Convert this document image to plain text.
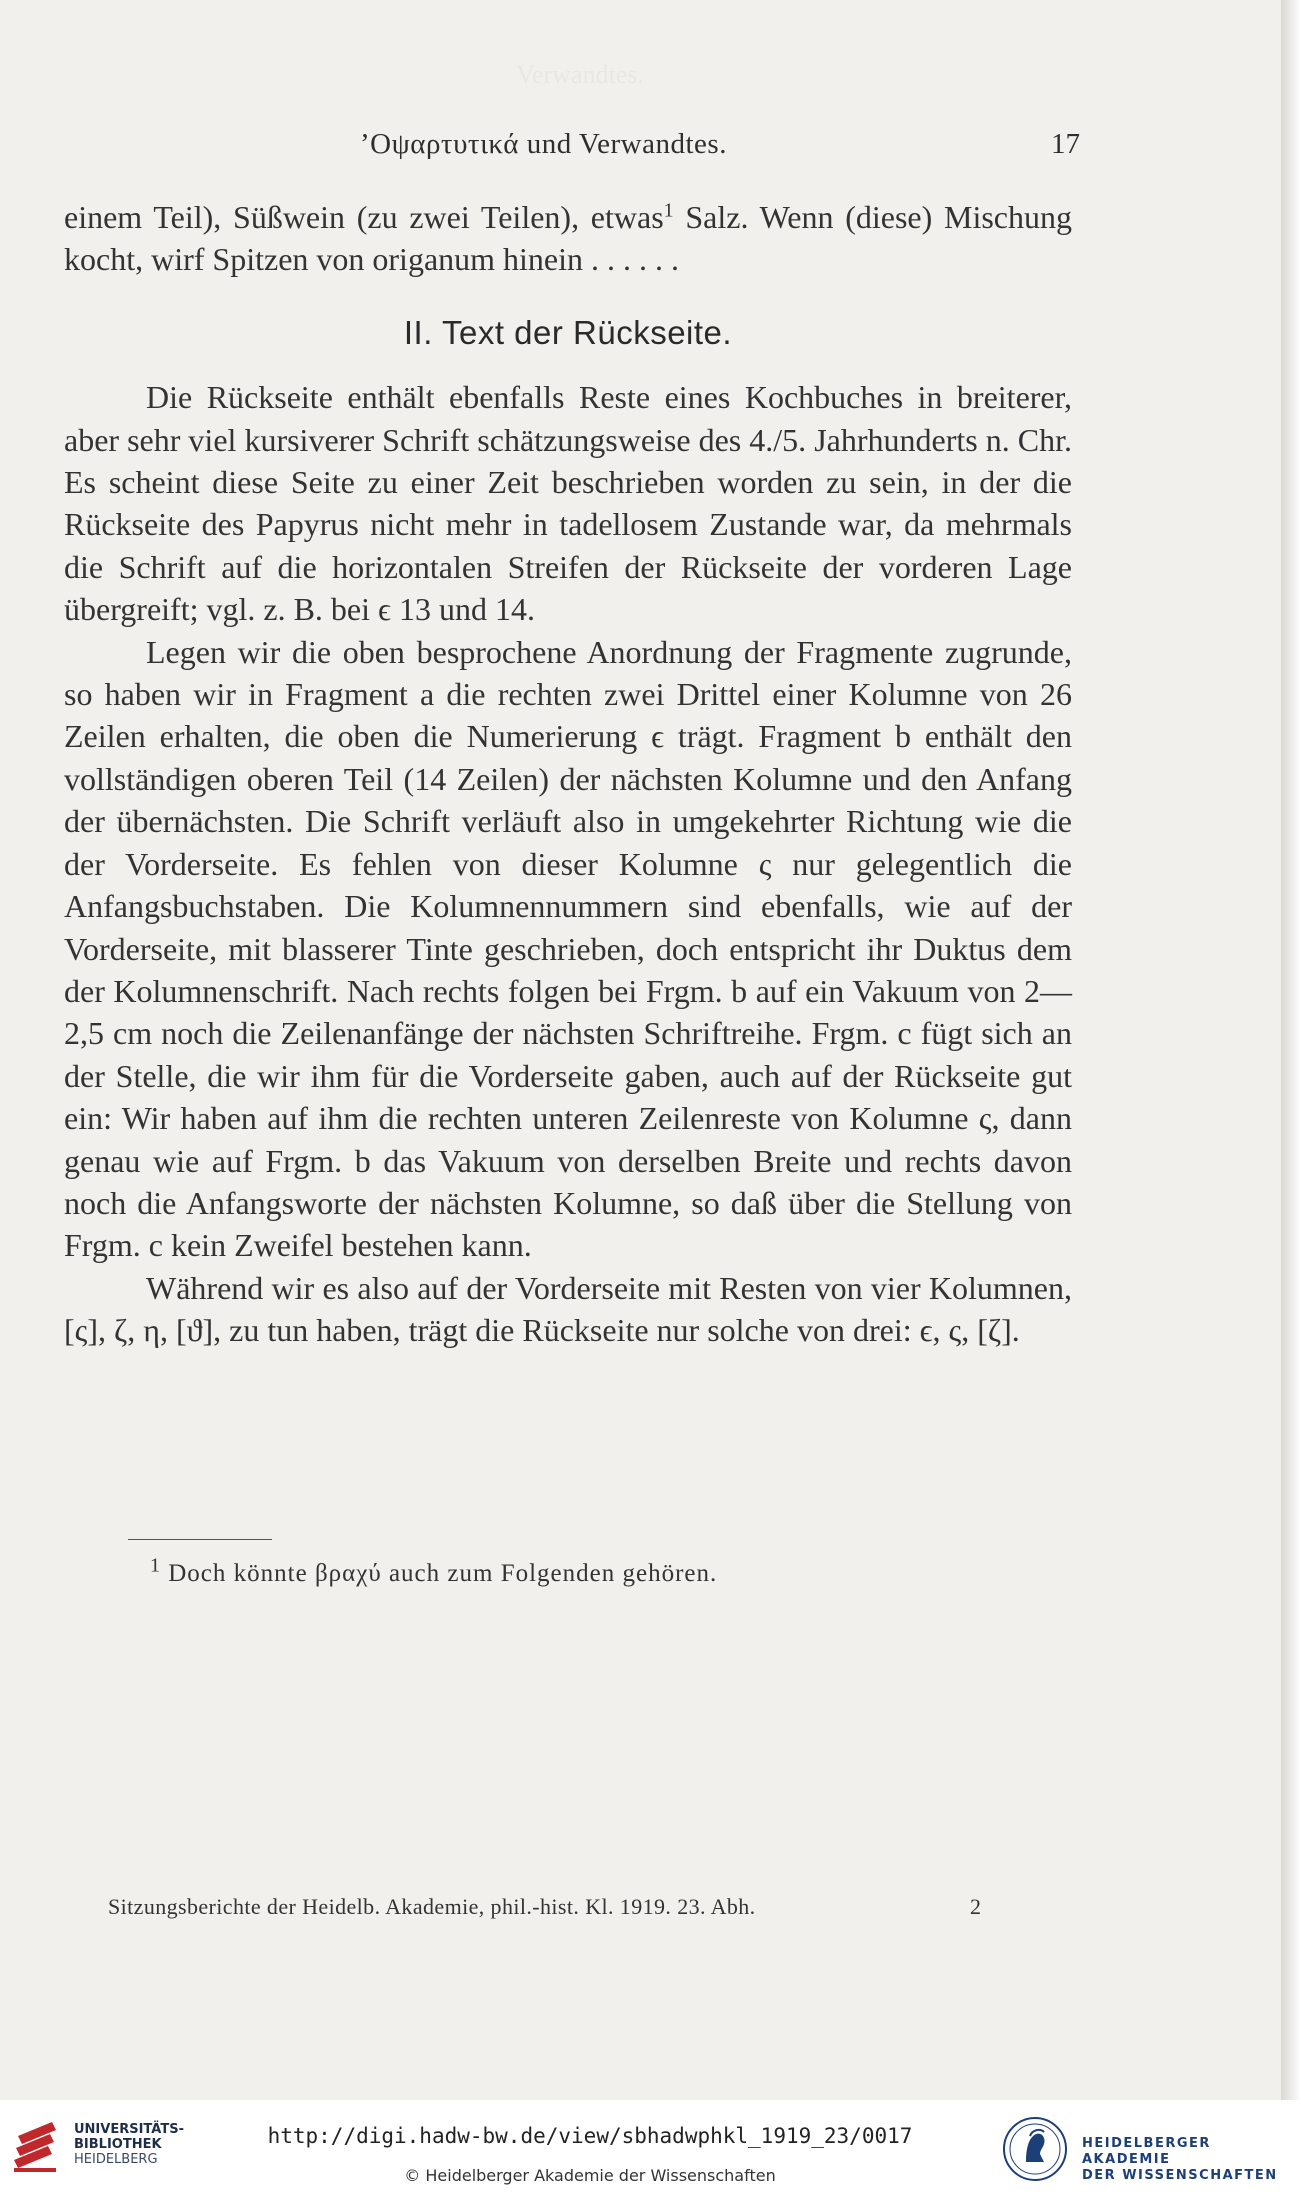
Verwandtes.
ʼΟψαρτυτικά und Verwandtes.	17

einem Teil), Süßwein (zu zwei Teilen), etwas$^1$ Salz. Wenn (diese) Mischung kocht, wirf Spitzen von origanum hinein . . . . . .

II. Text der Rückseite.

Die Rückseite enthält ebenfalls Reste eines Kochbuches in breiterer, aber sehr viel kursiverer Schrift schätzungsweise des 4./5. Jahrhunderts n. Chr. Es scheint diese Seite zu einer Zeit beschrieben worden zu sein, in der die Rückseite des Papyrus nicht mehr in tadellosem Zustande war, da mehrmals die Schrift auf die horizontalen Streifen der Rückseite der vorderen Lage übergreift; vgl. z. B. bei ϵ 13 und 14.

Legen wir die oben besprochene Anordnung der Fragmente zugrunde, so haben wir in Fragment a die rechten zwei Drittel einer Kolumne von 26 Zeilen erhalten, die oben die Numerierung ϵ trägt. Fragment b enthält den vollständigen oberen Teil (14 Zeilen) der nächsten Kolumne und den Anfang der übernächsten. Die Schrift verläuft also in umgekehrter Richtung wie die der Vorderseite. Es fehlen von dieser Kolumne ς nur gelegentlich die Anfangsbuchstaben. Die Kolumnennummern sind ebenfalls, wie auf der Vorderseite, mit blasserer Tinte geschrieben, doch entspricht ihr Duktus dem der Kolumnenschrift. Nach rechts folgen bei Frgm. b auf ein Vakuum von 2—2,5 cm noch die Zeilenanfänge der nächsten Schriftreihe. Frgm. c fügt sich an der Stelle, die wir ihm für die Vorderseite gaben, auch auf der Rückseite gut ein: Wir haben auf ihm die rechten unteren Zeilenreste von Kolumne ς, dann genau wie auf Frgm. b das Vakuum von derselben Breite und rechts davon noch die Anfangsworte der nächsten Kolumne, so daß über die Stellung von Frgm. c kein Zweifel bestehen kann.

Während wir es also auf der Vorderseite mit Resten von vier Kolumnen, [ς], ζ, η, [ϑ], zu tun haben, trägt die Rückseite nur solche von drei: ϵ, ς, [ζ].

$^1$ Doch könnte βραχύ auch zum Folgenden gehören.
Sitzungsberichte der Heidelb. Akademie, phil.-hist. Kl. 1919. 23. Abh.	2
UNIVERSITÄTS-
BIBLIOTHEK
HEIDELBERG
http://digi.hadw-bw.de/view/sbhadwphkl_1919_23/0017
© Heidelberger Akademie der Wissenschaften
HEIDELBERGER AKADEMIE
DER WISSENSCHAFTEN
